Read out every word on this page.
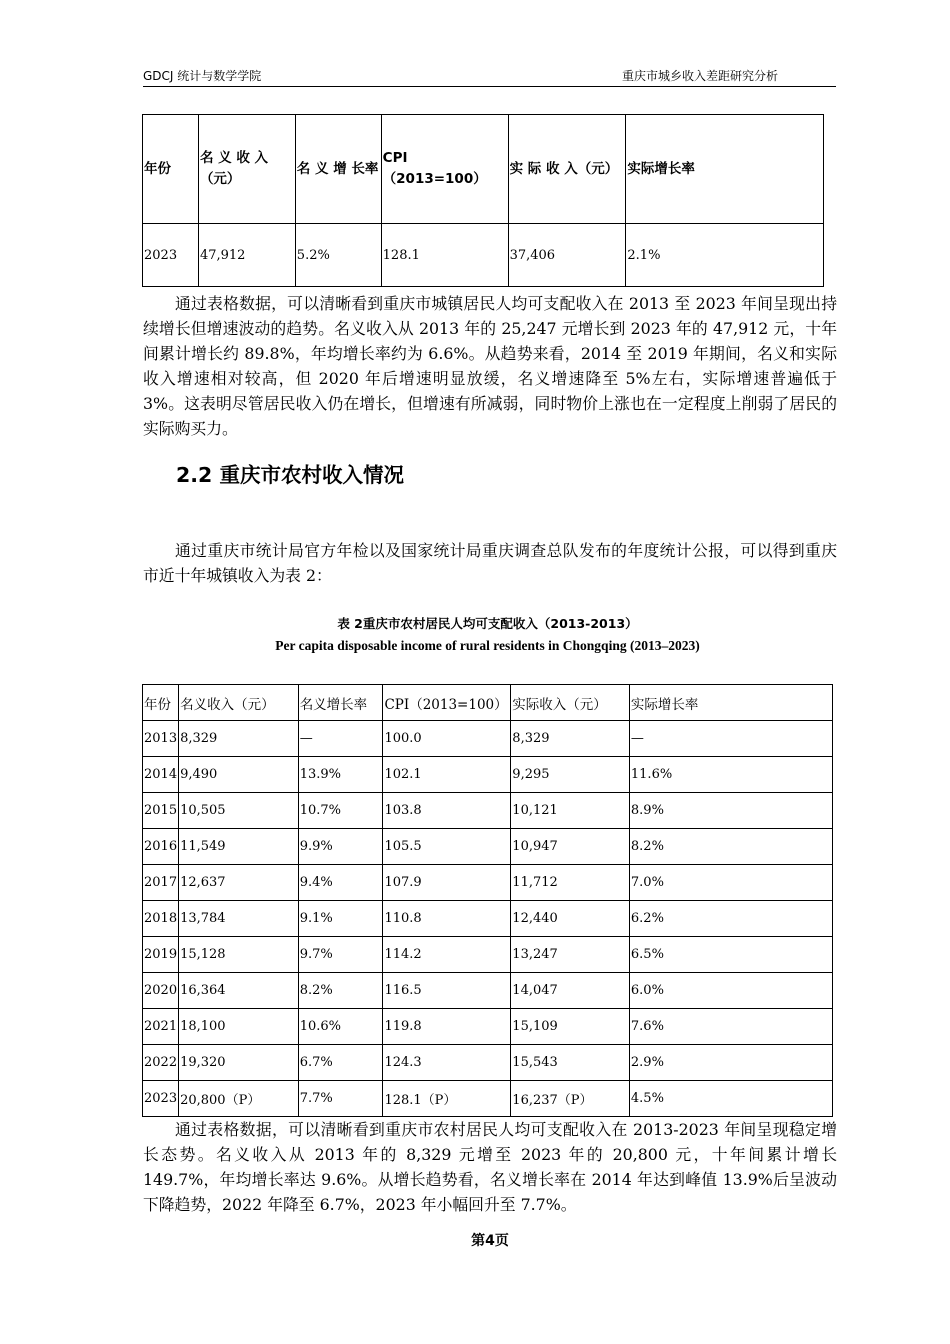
GDCJ 统计与数学学院	重庆市城乡收入差距研究分析
年份	名 义 收 入（元）	名 义 增 长率	CPI （2013=100）	实 际 收 入（元）	实际增长率
2023	47,912	5.2%	128.1	37,406	2.1%

通过表格数据，可以清晰看到重庆市城镇居民人均可支配收入在 2013 至 2023 年间呈现出持续增长但增速波动的趋势。名义收入从 2013 年的 25,247 元增长到 2023 年的 47,912 元，十年间累计增长约 89.8%，年均增长率约为 6.6%。从趋势来看，2014 至 2019 年期间，名义和实际收入增速相对较高，但 2020 年后增速明显放缓，名义增速降至 5%左右，实际增速普遍低于 3%。这表明尽管居民收入仍在增长，但增速有所减弱，同时物价上涨也在一定程度上削弱了居民的实际购买力。

2.2 重庆市农村收入情况

通过重庆市统计局官方年检以及国家统计局重庆调查总队发布的年度统计公报，可以得到重庆市近十年城镇收入为表 2：

表 2重庆市农村居民人均可支配收入（2013-2013）

Per capita disposable income of rural residents in Chongqing (2013–2023)

年份	名义收入（元）	名义增长率	CPI（2013=100）	实际收入（元）	实际增长率
2013	8,329	—	100.0	8,329	—
2014	9,490	13.9%	102.1	9,295	11.6%
2015	10,505	10.7%	103.8	10,121	8.9%
2016	11,549	9.9%	105.5	10,947	8.2%
2017	12,637	9.4%	107.9	11,712	7.0%
2018	13,784	9.1%	110.8	12,440	6.2%
2019	15,128	9.7%	114.2	13,247	6.5%
2020	16,364	8.2%	116.5	14,047	6.0%
2021	18,100	10.6%	119.8	15,109	7.6%
2022	19,320	6.7%	124.3	15,543	2.9%
2023	20,800（P）	7.7%	128.1（P）	16,237（P）	4.5%

通过表格数据，可以清晰看到重庆市农村居民人均可支配收入在 2013-2023 年间呈现稳定增长态势。名义收入从 2013 年的 8,329 元增至 2023 年的 20,800 元，十年间累计增长 149.7%，年均增长率达 9.6%。从增长趋势看，名义增长率在 2014 年达到峰值 13.9%后呈波动下降趋势，2022 年降至 6.7%，2023 年小幅回升至 7.7%。

第4页
